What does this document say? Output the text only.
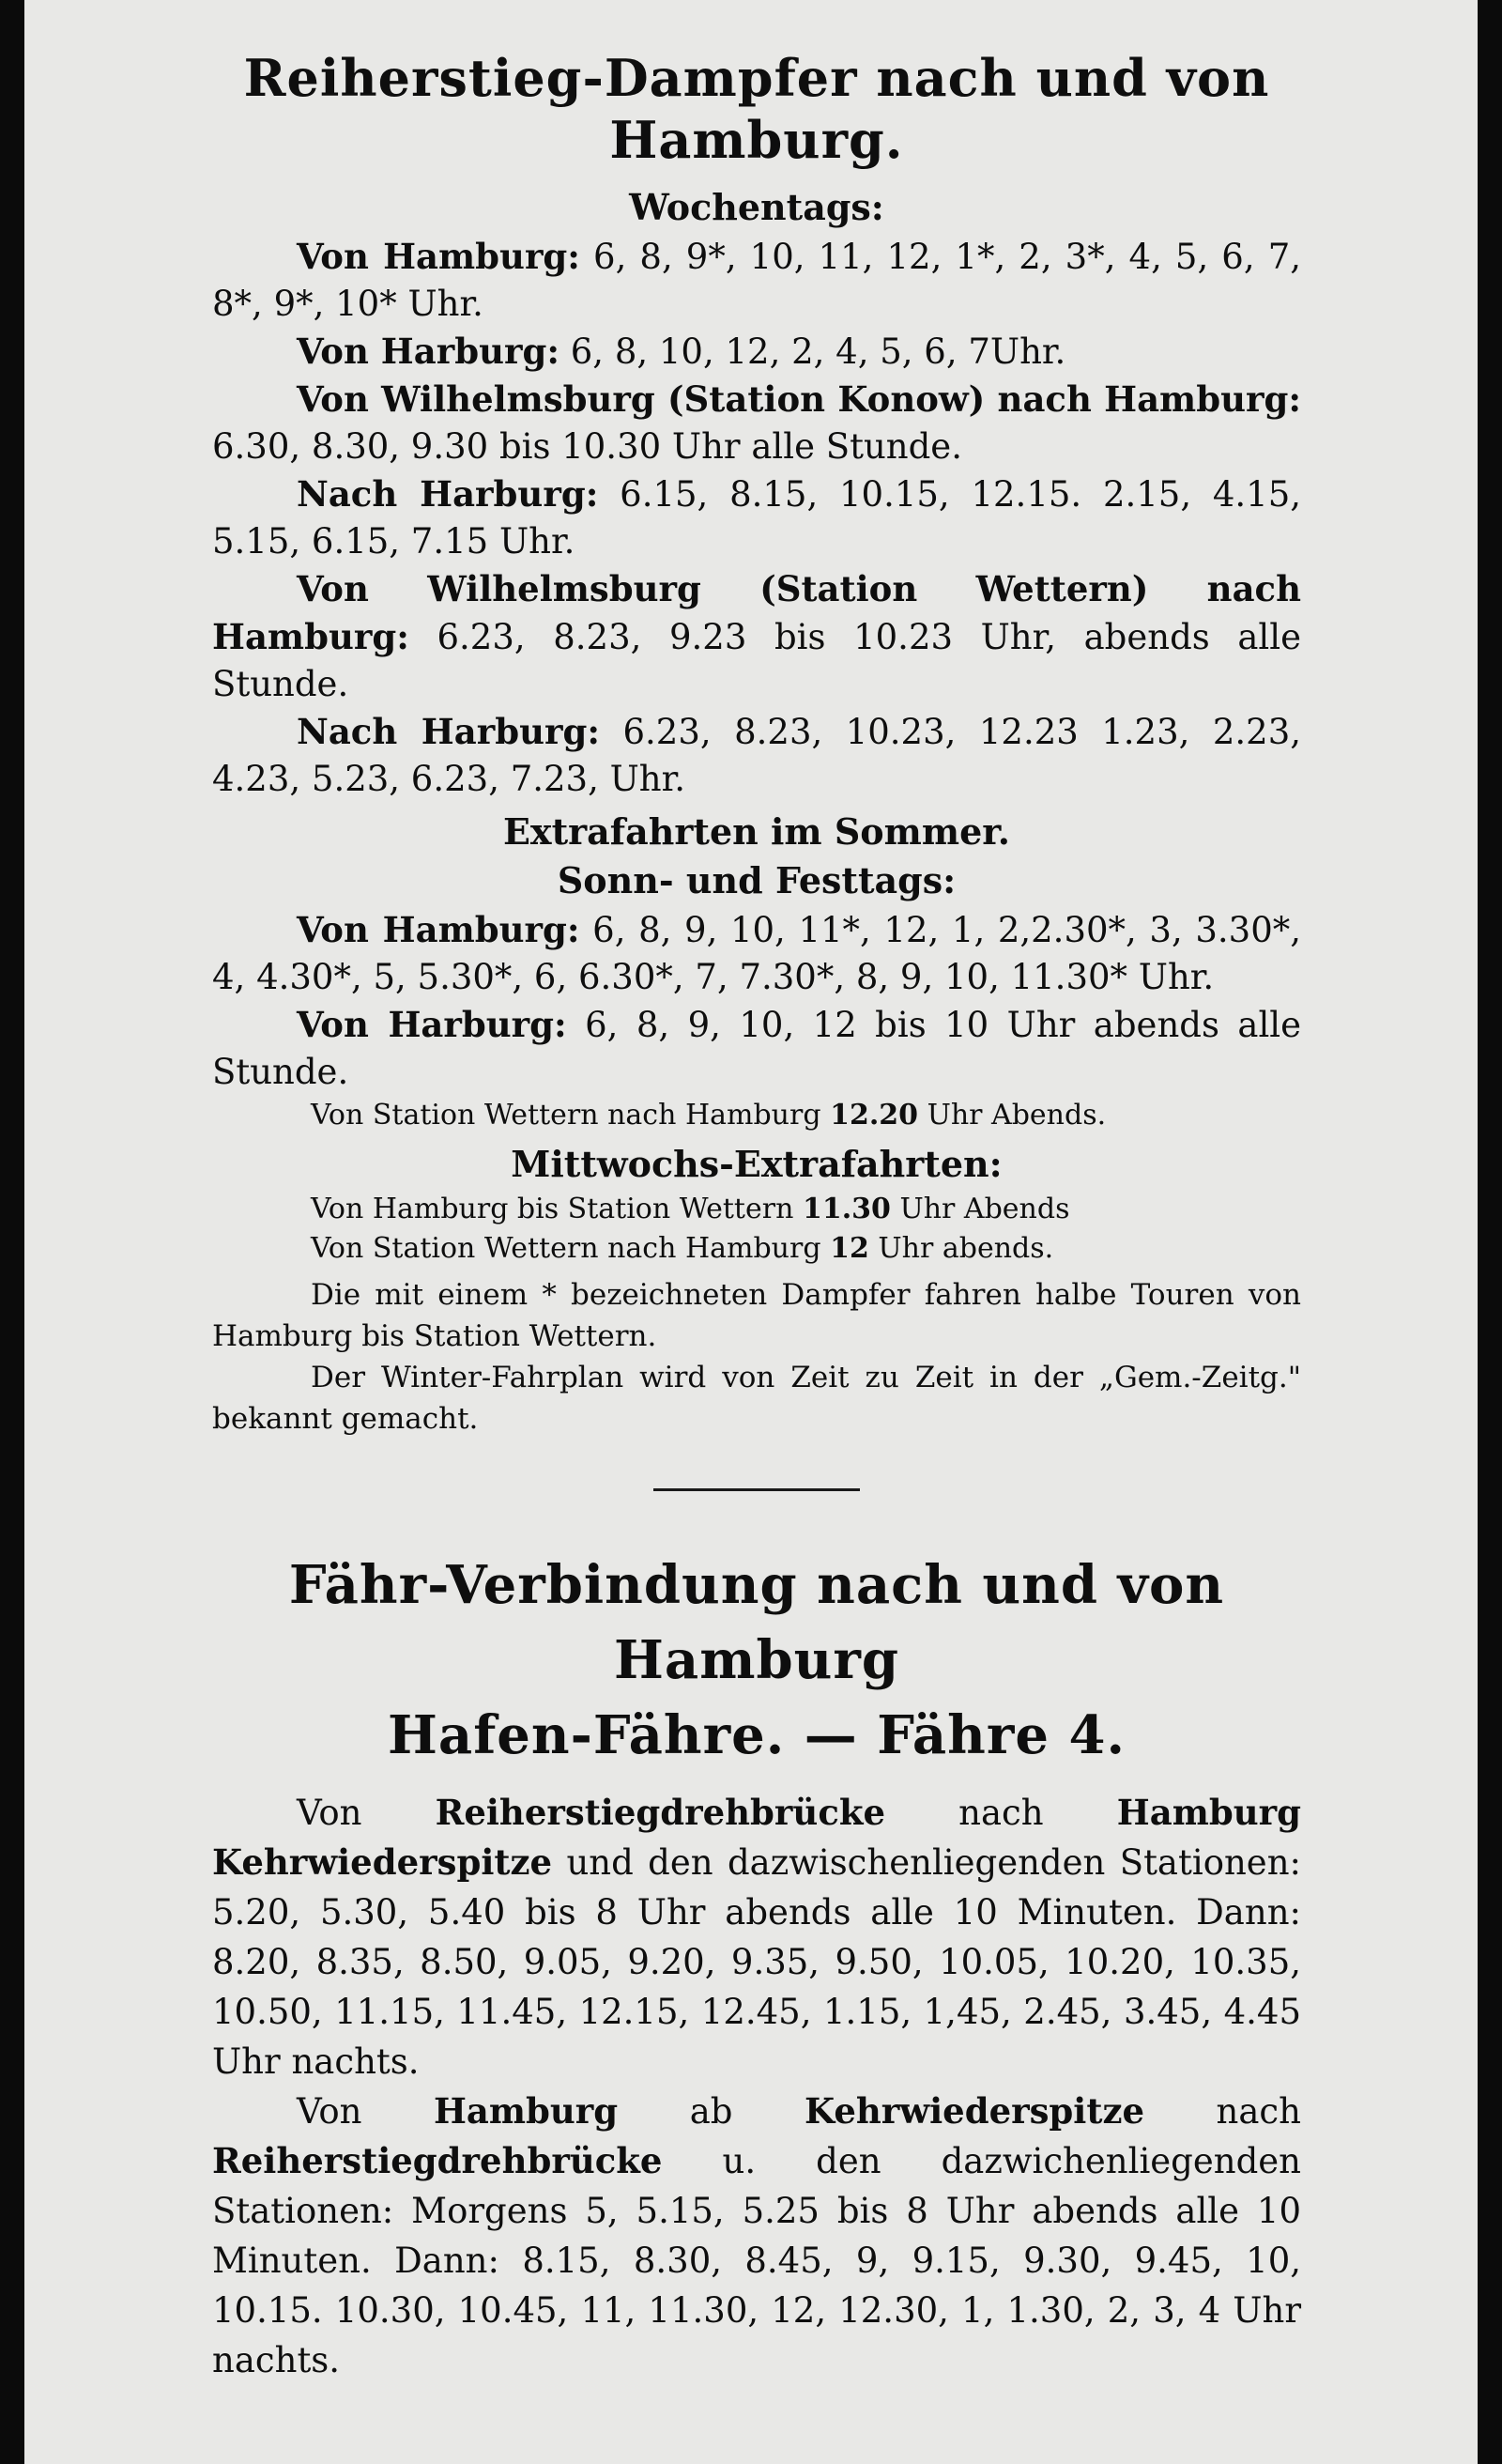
Reiherstieg-Dampfer nach und von Hamburg.
Wochentags:

Von Hamburg: 6, 8, 9*, 10, 11, 12, 1*, 2, 3*, 4, 5, 6, 7, 8*, 9*, 10* Uhr.

Von Harburg: 6, 8, 10, 12, 2, 4, 5, 6, 7Uhr.

Von Wilhelmsburg (Station Konow) nach Hamburg: 6.30, 8.30, 9.30 bis 10.30 Uhr alle Stunde.

Nach Harburg: 6.15, 8.15, 10.15, 12.15. 2.15, 4.15, 5.15, 6.15, 7.15 Uhr.

Von Wilhelmsburg (Station Wettern) nach Hamburg: 6.23, 8.23, 9.23 bis 10.23 Uhr, abends alle Stunde.

Nach Harburg: 6.23, 8.23, 10.23, 12.23 1.23, 2.23, 4.23, 5.23, 6.23, 7.23, Uhr.

Extrafahrten im Sommer.
Sonn- und Festtags:

Von Hamburg: 6, 8, 9, 10, 11*, 12, 1, 2,2.30*, 3, 3.30*, 4, 4.30*, 5, 5.30*, 6, 6.30*, 7, 7.30*, 8, 9, 10, 11.30* Uhr.

Von Harburg: 6, 8, 9, 10, 12 bis 10 Uhr abends alle Stunde.

Von Station Wettern nach Hamburg 12.20 Uhr Abends.

Mittwochs-Extrafahrten:

Von Hamburg bis Station Wettern 11.30 Uhr Abends

Von Station Wettern nach Hamburg 12 Uhr abends.

Die mit einem * bezeichneten Dampfer fahren halbe Touren von Hamburg bis Station Wettern.

Der Winter-Fahrplan wird von Zeit zu Zeit in der „Gem.-Zeitg." bekannt gemacht.

Fähr-Verbindung nach und von Hamburg
Hafen-Fähre. — Fähre 4.

Von Reiherstiegdrehbrücke nach Hamburg Kehrwiederspitze und den dazwischenliegenden Stationen: 5.20, 5.30, 5.40 bis 8 Uhr abends alle 10 Minuten. Dann: 8.20, 8.35, 8.50, 9.05, 9.20, 9.35, 9.50, 10.05, 10.20, 10.35, 10.50, 11.15, 11.45, 12.15, 12.45, 1.15, 1,45, 2.45, 3.45, 4.45 Uhr nachts.

Von Hamburg ab Kehrwiederspitze nach Reiherstiegdrehbrücke u. den dazwichenliegenden Stationen: Morgens 5, 5.15, 5.25 bis 8 Uhr abends alle 10 Minuten. Dann: 8.15, 8.30, 8.45, 9, 9.15, 9.30, 9.45, 10, 10.15. 10.30, 10.45, 11, 11.30, 12, 12.30, 1, 1.30, 2, 3, 4 Uhr nachts.
